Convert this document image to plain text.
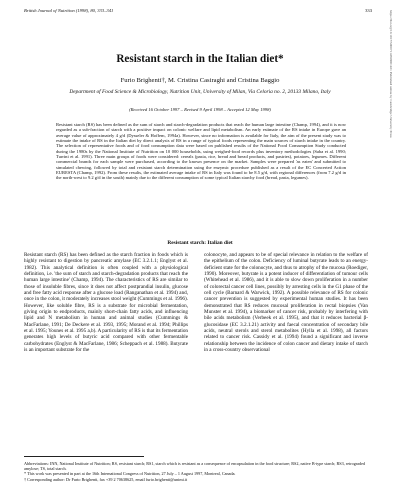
British Journal of Nutrition (1998), 80, 333–341	333	https://doi.org/10.1017/S0007114598001421 Published online by Cambridge University Press
Resistant starch in the Italian diet*
Furio Brighenti†, M. Cristina Casiraghi and Cristina Baggio
Department of Food Science & Microbiology, Nutrition Unit, University of Milan, Via Celoria no. 2, 20133 Milano, Italy
(Received 16 October 1997 – Revised 9 April 1998 – Accepted 12 May 1998)
Resistant starch (RS) has been defined as the sum of starch and starch-degradation products that reach the human large intestine (Champ, 1994), and it is now regarded as a sub-fraction of starch with a positive impact on colonic welfare and lipid metabolism. An early estimate of the RS intake in Europe gave an average value of approximately 4 g/d (Dysseler & Hoffem, 1994a). However, since no information is available for Italy, the aim of the present study was to estimate the intake of RS in the Italian diet by direct analysis of RS in a range of typical foods representing the main sources of starch intake in the country. The selection of representative foods and of food consumption data were based on published results of the National Food Consumption Study conducted during the 1980s by the National Institute of Nutrition on 10 000 households, using weighed-food records plus inventory methodologies (Saba et al. 1990; Turrini et al. 1991). Three main groups of foods were considered: cereals (pasta, rice, bread and bread products, and pastries), potatoes, legumes. Different commercial brands for each sample were purchased, according to the known presence on the market. Samples were prepared 'as eaten' and submitted to simulated chewing, followed by total and resistant starch determination using the enzymic procedure published as a result of the EC Concerted Action EURESTA (Champ, 1992). From these results, the estimated average intake of RS in Italy was found to be 8.5 g/d, with regional differences (from 7.2 g/d in the north-west to 9.2 g/d in the south) mainly due to the different consumption of some typical Italian starchy food (bread, pasta, legumes).
Resistant starch: Italian diet
Resistant starch (RS) has been defined as the starch fraction in foods which is highly resistant to digestion by pancreatic amylase (EC 3.2.1.1; Englyst et al. 1982). This analytical definition is often coupled with a physiological definition, i.e. 'the sum of starch and starch-degradation products that reach the human large intestine' (Champ, 1994). The characteristics of RS are similar to those of insoluble fibres, since it does not affect postprandial insulin, glucose and free fatty acid response after a glucose load (Ranganathan et al. 1994) and, once in the colon, it moderately increases stool weight (Cummings et al. 1996). However, like soluble fibre, RS is a substrate for microbial fermentation, giving origin to endproducts, mainly short-chain fatty acids, and influencing lipid and N metabolism in human and animal studies (Cummings & MacFarlane, 1991; De Deckere et al. 1993, 1995; Morand et al. 1994; Phillips et al. 1995; Younes et al. 1995 a,b). A particularity of RS is that its fermentation generates high levels of butyric acid compared with other fermentable carbohydrates (Englyst & MacFarlane, 1986; Scheppach et al. 1988). Butyrate is an important substrate for the
colonocyte, and appears to be of special relevance in relation to the welfare of the epithelium of the colon. Deficiency of luminal butyrate leads to an energy-deficient state for the colonocyte, and thus to atrophy of the mucosa (Roediger, 1990). Moreover, butyrate is a potent inducer of differentiation of tumour cells (Whitehead et al. 1986), and it is able to slow down proliferation in a number of colorectal cancer cell lines, possibly by arresting cells in the G1 phase of the cell cycle (Barnard & Warwick, 1992). A possible relevance of RS for colonic cancer prevention is suggested by experimental human studies. It has been demonstrated that RS reduces mucosal proliferation in rectal biopsies (Van Munster et al. 1994), a biomarker of cancer risk, probably by interfering with bile acids metabolism (Verbeek et al. 1995), and that it reduces bacterial β-glucosidase (EC 3.2.1.21) activity and faecal concentration of secondary bile acids, neutral sterols and sterol metabolites (Hylla et al. 1998), all factors related to cancer risk. Cassidy et al. (1994) found a significant and inverse relationship between the incidence of colon cancer and dietary intake of starch in a cross-country observational
Abbreviations: INN, National Institute of Nutrition; RS, resistant starch; RS1, starch which is resistant as a consequence of encapsulation in the food structure; RS2, native B-type starch; RS3, retrograded amylose; TS, total starch.
* This work was presented in part at the 16th International Congress of Nutrition, 27 July – 1 August 1997, Montreal, Canada.
† Corresponding author: Dr Furio Brighenti, fax +39 2 70638625, email furio.brighenti@unimi.it
